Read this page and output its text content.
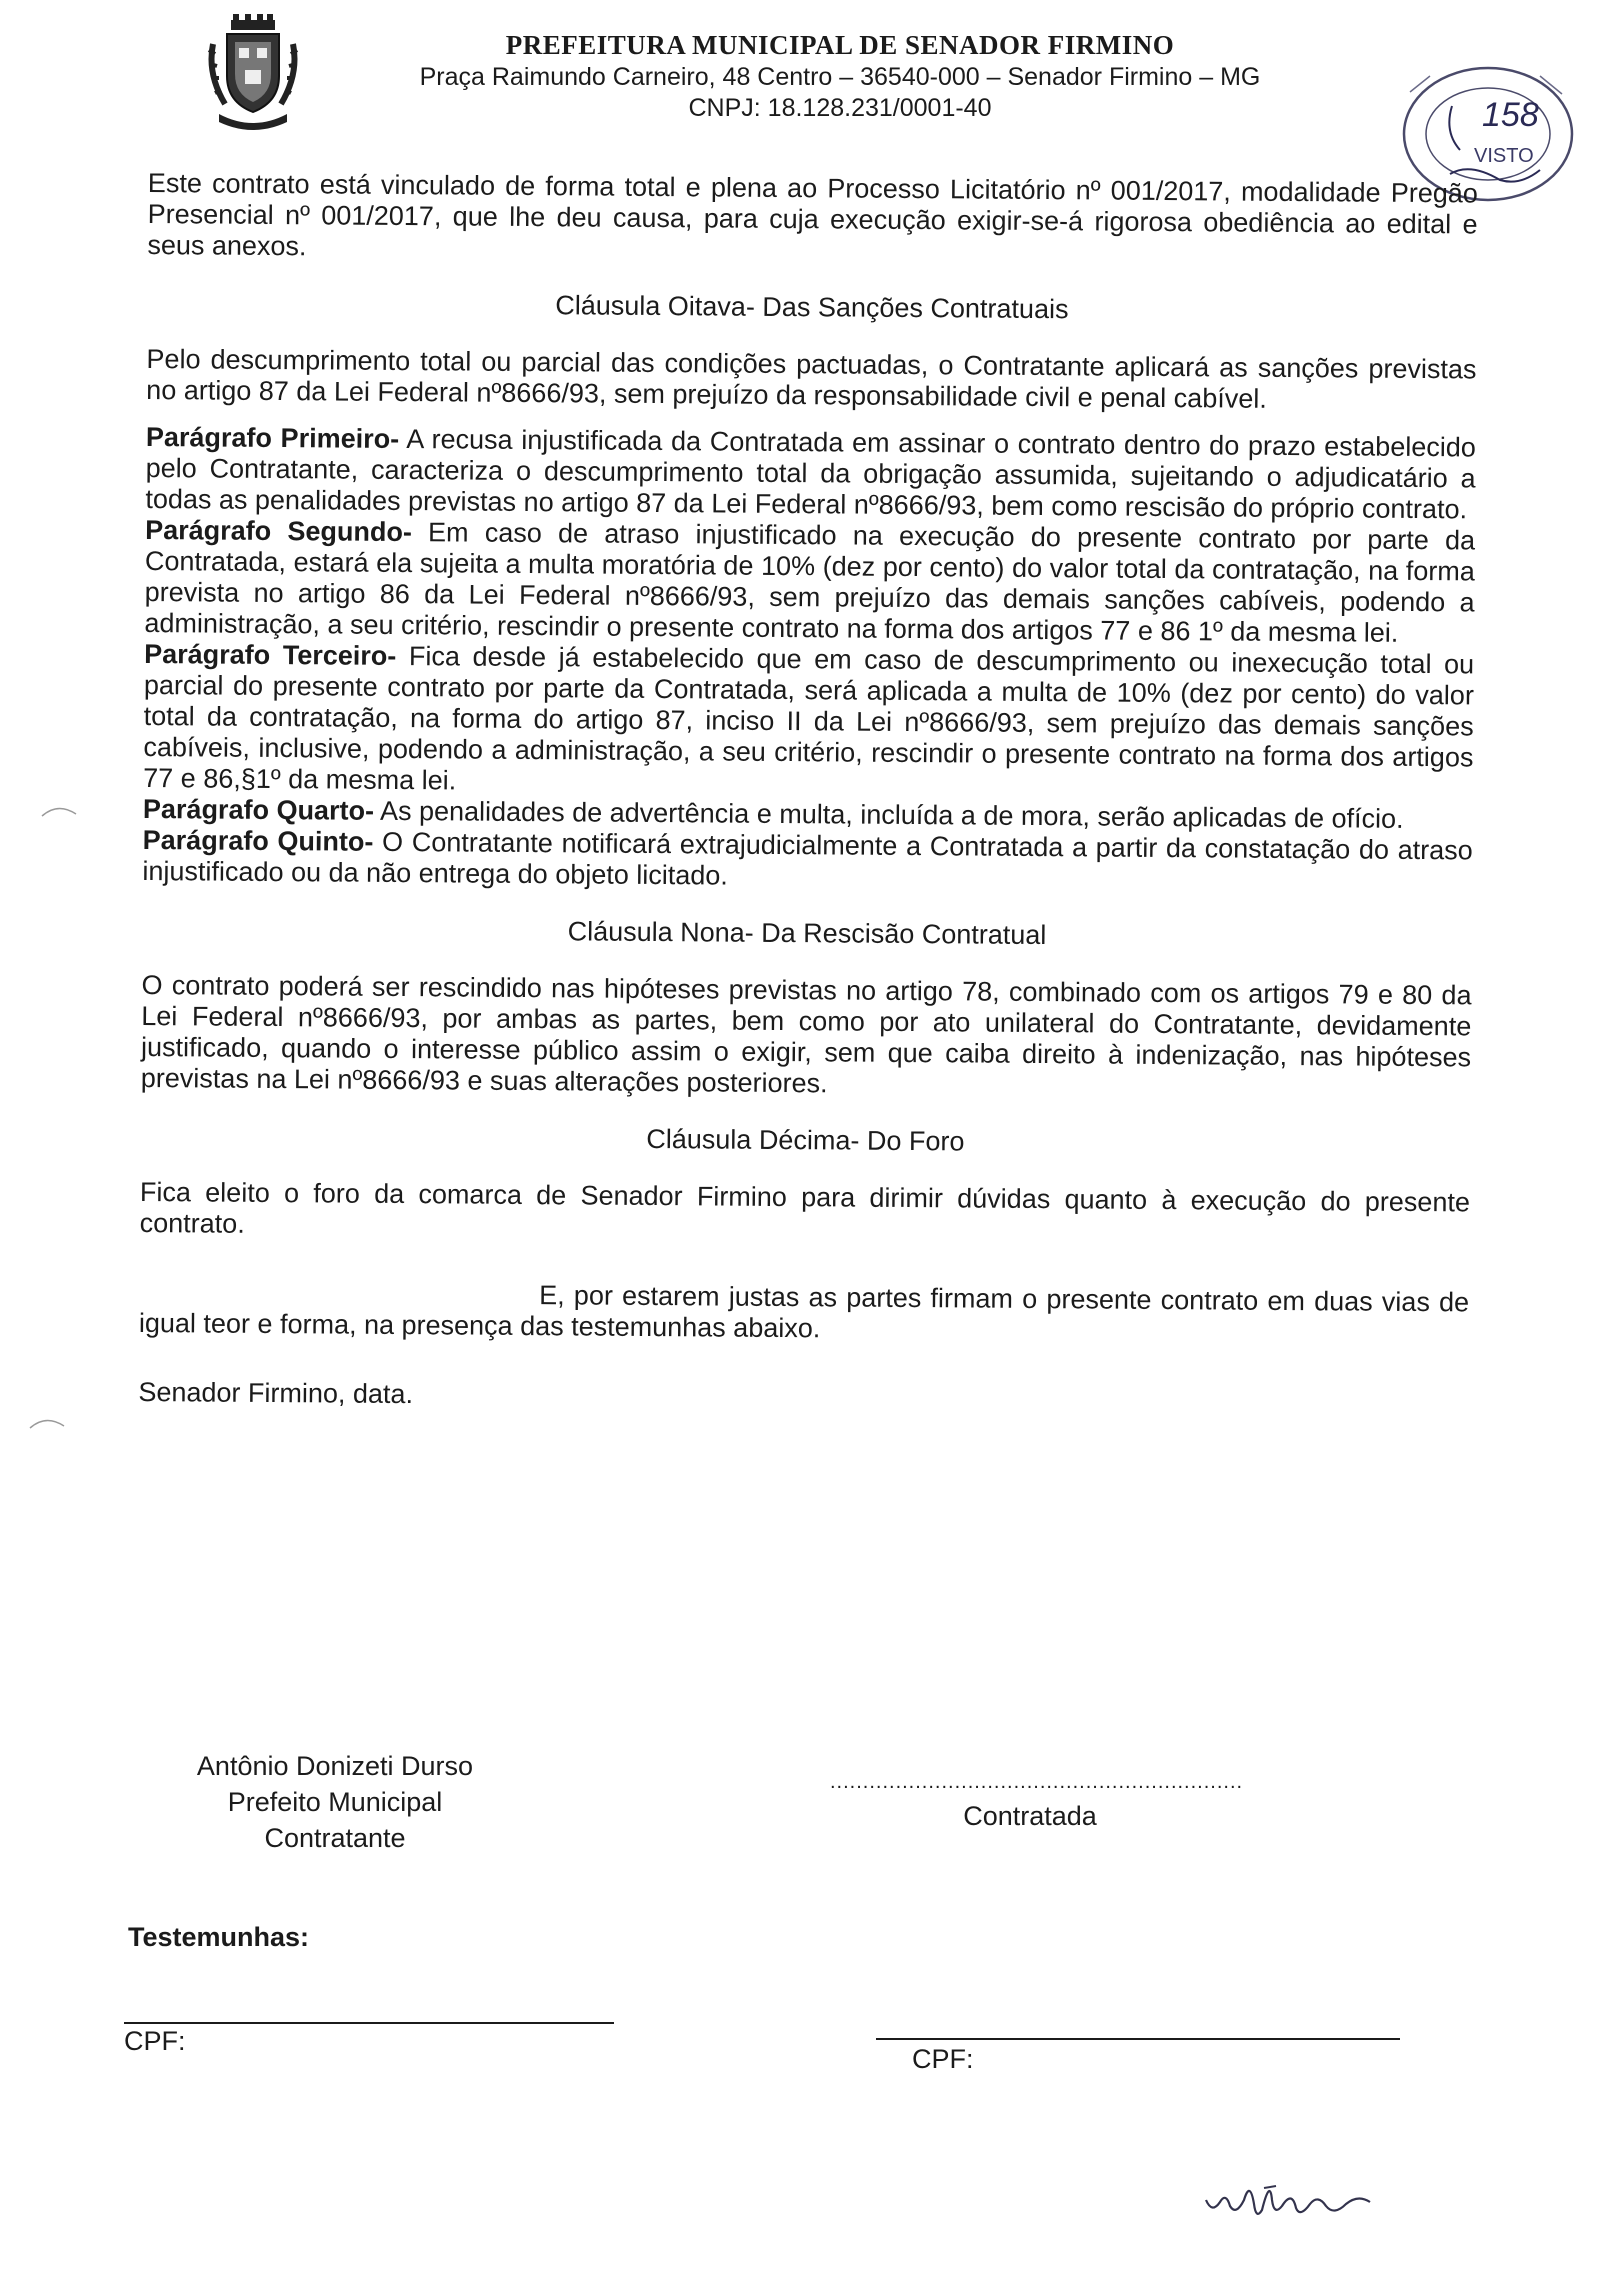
PREFEITURA MUNICIPAL DE SENADOR FIRMINO
Praça Raimundo Carneiro, 48 Centro – 36540-000 – Senador Firmino – MG
CNPJ: 18.128.231/0001-40	158
VISTO

Este contrato está vinculado de forma total e plena ao Processo Licitatório nº 001/2017, modalidade Pregão Presencial nº 001/2017, que lhe deu causa, para cuja execução exigir-se-á rigorosa obediência ao edital e seus anexos.

Cláusula Oitava- Das Sanções Contratuais

Pelo descumprimento total ou parcial das condições pactuadas, o Contratante aplicará as sanções previstas no artigo 87 da Lei Federal nº8666/93, sem prejuízo da responsabilidade civil e penal cabível.

Parágrafo Primeiro- A recusa injustificada da Contratada em assinar o contrato dentro do prazo estabelecido pelo Contratante, caracteriza o descumprimento total da obrigação assumida, sujeitando o adjudicatário a todas as penalidades previstas no artigo 87 da Lei Federal nº8666/93, bem como rescisão do próprio contrato.

Parágrafo Segundo- Em caso de atraso injustificado na execução do presente contrato por parte da Contratada, estará ela sujeita a multa moratória de 10% (dez por cento) do valor total da contratação, na forma prevista no artigo 86 da Lei Federal nº8666/93, sem prejuízo das demais sanções cabíveis, podendo a administração, a seu critério, rescindir o presente contrato na forma dos artigos 77 e 86 1º da mesma lei.

Parágrafo Terceiro- Fica desde já estabelecido que em caso de descumprimento ou inexecução total ou parcial do presente contrato por parte da Contratada, será aplicada a multa de 10% (dez por cento) do valor total da contratação, na forma do artigo 87, inciso II da Lei nº8666/93, sem prejuízo das demais sanções cabíveis, inclusive, podendo a administração, a seu critério, rescindir o presente contrato na forma dos artigos 77 e 86,§1º da mesma lei.

Parágrafo Quarto- As penalidades de advertência e multa, incluída a de mora, serão aplicadas de ofício.

Parágrafo Quinto- O Contratante notificará extrajudicialmente a Contratada a partir da constatação do atraso injustificado ou da não entrega do objeto licitado.

Cláusula Nona- Da Rescisão Contratual

O contrato poderá ser rescindido nas hipóteses previstas no artigo 78, combinado com os artigos 79 e 80 da Lei Federal nº8666/93, por ambas as partes, bem como por ato unilateral do Contratante, devidamente justificado, quando o interesse público assim o exigir, sem que caiba direito à indenização, nas hipóteses previstas na Lei nº8666/93 e suas alterações posteriores.

Cláusula Décima- Do Foro

Fica eleito o foro da comarca de Senador Firmino para dirimir dúvidas quanto à execução do presente contrato.

E, por estarem justas as partes firmam o presente contrato em duas vias de igual teor e forma, na presença das testemunhas abaixo.

Senador Firmino, data.

Antônio Donizeti Durso
Prefeito Municipal
Contratante
...............................................................
Contratada
Testemunhas:
CPF:
CPF:
